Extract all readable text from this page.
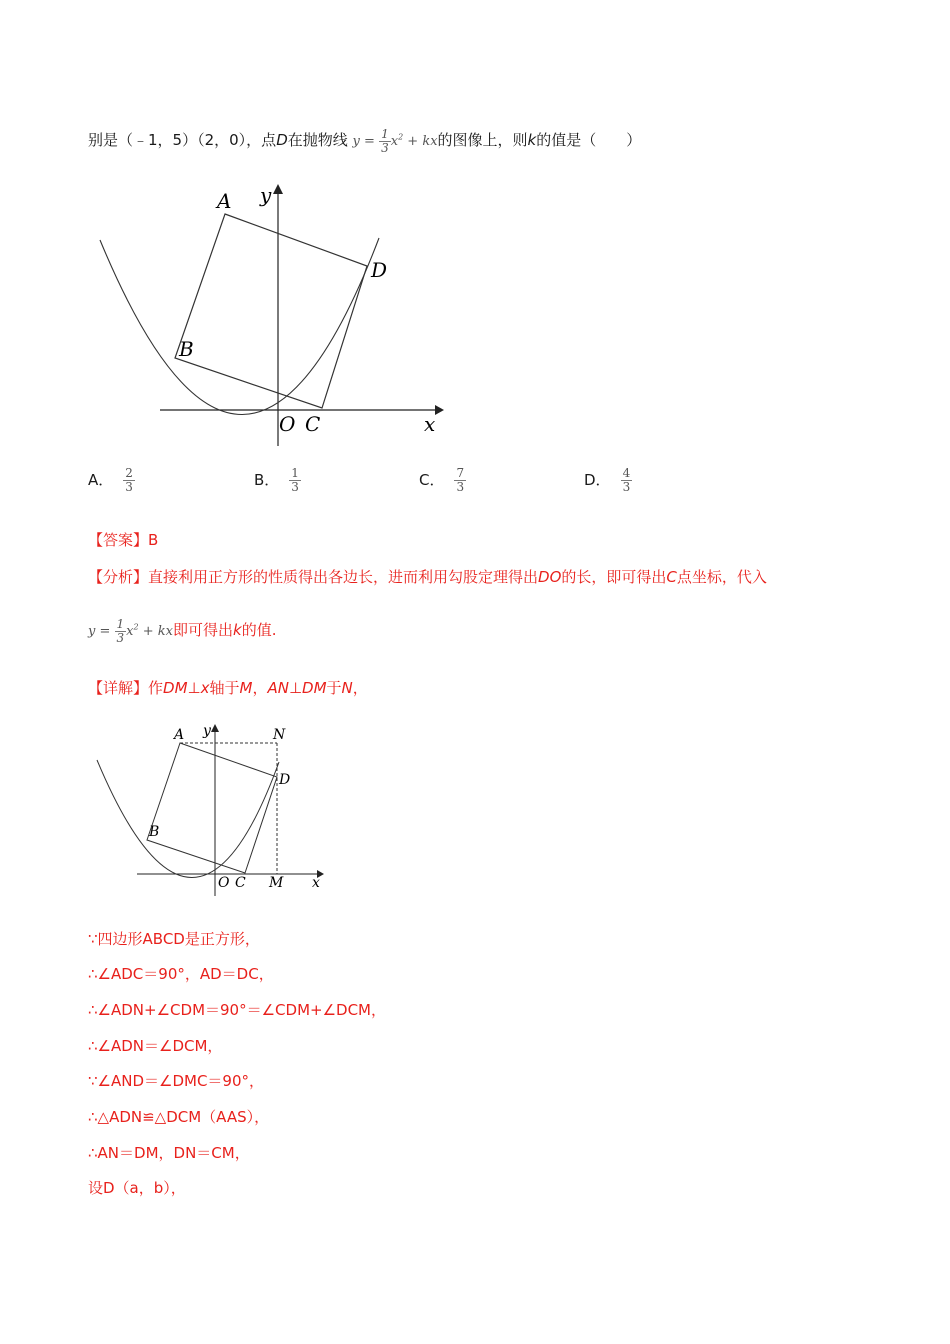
别是（﹣1，5）（2，0），点D在抛物线 $y = \frac{1}{3} x^2$ + kx的图像上，则k的值是（　　）
A
B
C
D
O	x
y
A． $\frac{2}{3}$	B． $\frac{1}{3}$	C． $\frac{7}{3}$	D． $\frac{4}{3}$
【答案】B
【分析】直接利用正方形的性质得出各边长，进而利用勾股定理得出DO的长，即可得出C点坐标，代入
$y = \frac{1}{3} x^2$ + kx即可得出k的值.
【详解】作DM⊥x轴于M，AN⊥DM于N，
A
B
C
D
O	M
N
x
y
∵四边形ABCD是正方形，
∴∠ADC＝90°，AD＝DC，
∴∠ADN+∠CDM＝90°＝∠CDM+∠DCM，
∴∠ADN＝∠DCM，
∵∠AND＝∠DMC＝90°，
∴△ADN≌△DCM（AAS），
∴AN＝DM，DN＝CM，
设D（a，b），
